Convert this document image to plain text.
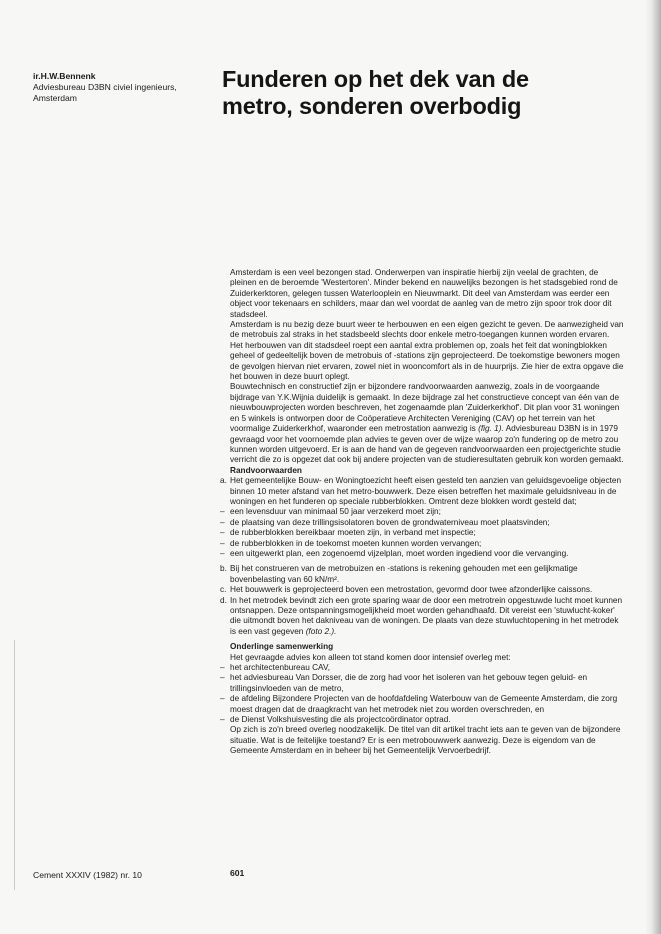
ir.H.W.Bennenk
Adviesbureau D3BN civiel ingenieurs,
Amsterdam
Funderen op het dek van de
metro, sonderen overbodig

Amsterdam is een veel bezongen stad. Onderwerpen van inspiratie hierbij zijn veelal de grachten, de pleinen en de beroemde 'Westertoren'. Minder bekend en nauwelijks bezongen is het stadsgebied rond de Zuiderkerktoren, gelegen tussen Waterlooplein en Nieuwmarkt. Dit deel van Amsterdam was eerder een object voor tekenaars en schilders, maar dan wel voordat de aanleg van de metro zijn spoor trok door dit stadsdeel.

Amsterdam is nu bezig deze buurt weer te herbouwen en een eigen gezicht te geven. De aanwezigheid van de metrobuis zal straks in het stadsbeeld slechts door enkele metro-toegangen kunnen worden ervaren. Het herbouwen van dit stadsdeel roept een aantal extra problemen op, zoals het feit dat woningblokken geheel of gedeeltelijk boven de metrobuis of -stations zijn geprojecteerd. De toekomstige bewoners mogen de gevolgen hiervan niet ervaren, zowel niet in wooncomfort als in de huurprijs. Zie hier de extra opgave die het bouwen in deze buurt oplegt.

Bouwtechnisch en constructief zijn er bijzondere randvoorwaarden aanwezig, zoals in de voorgaande bijdrage van Y.K.Wijnia duidelijk is gemaakt. In deze bijdrage zal het constructieve concept van één van de nieuwbouwprojecten worden beschreven, het zogenaamde plan 'Zuiderkerkhof'. Dit plan voor 31 woningen en 5 winkels is ontworpen door de Coöperatieve Architecten Vereniging (CAV) op het terrein van het voormalige Zuiderkerkhof, waaronder een metrostation aanwezig is (fig. 1). Adviesbureau D3BN is in 1979 gevraagd voor het voornoemde plan advies te geven over de wijze waarop zo'n fundering op de metro zou kunnen worden uitgevoerd. Er is aan de hand van de gegeven randvoorwaarden een projectgerichte studie verricht die zo is opgezet dat ook bij andere projecten van de studieresultaten gebruik kon worden gemaakt.

Randvoorwaarden

a. Het gemeentelijke Bouw- en Woningtoezicht heeft eisen gesteld ten aanzien van geluidsgevoelige objecten binnen 10 meter afstand van het metro-bouwwerk. Deze eisen betreffen het maximale geluidsniveau in de woningen en het funderen op speciale rubberblokken. Omtrent deze blokken wordt gesteld dat;
– een levensduur van minimaal 50 jaar verzekerd moet zijn;
– de plaatsing van deze trillingsisolatoren boven de grondwaterniveau moet plaatsvinden;
– de rubberblokken bereikbaar moeten zijn, in verband met inspectie;
– de rubberblokken in de toekomst moeten kunnen worden vervangen;
– een uitgewerkt plan, een zogenoemd vijzelplan, moet worden ingediend voor die vervanging.
b. Bij het construeren van de metrobuizen en -stations is rekening gehouden met een gelijkmatige bovenbelasting van 60 kN/m².
c. Het bouwwerk is geprojecteerd boven een metrostation, gevormd door twee afzonderlijke caissons.
d. In het metrodek bevindt zich een grote sparing waar de door een metrotrein opgestuwde lucht moet kunnen ontsnappen. Deze ontspanningsmogelijkheid moet worden gehandhaafd. Dit vereist een 'stuwlucht-koker' die uitmondt boven het dakniveau van de woningen. De plaats van deze stuwluchtopening in het metrodek is een vast gegeven (foto 2.).

Onderlinge samenwerking

Het gevraagde advies kon alleen tot stand komen door intensief overleg met:

– het architectenbureau CAV,
– het adviesbureau Van Dorsser, die de zorg had voor het isoleren van het gebouw tegen geluid- en trillingsinvloeden van de metro,
– de afdeling Bijzondere Projecten van de hoofdafdeling Waterbouw van de Gemeente Amsterdam, die zorg moest dragen dat de draagkracht van het metrodek niet zou worden overschreden, en
– de Dienst Volkshuisvesting die als projectcoördinator optrad.

Op zich is zo'n breed overleg noodzakelijk. De titel van dit artikel tracht iets aan te geven van de bijzondere situatie. Wat is de feitelijke toestand? Er is een metrobouwwerk aanwezig. Deze is eigendom van de Gemeente Amsterdam en in beheer bij het Gemeentelijk Vervoerbedrijf.

Cement XXXIV (1982) nr. 10	601
